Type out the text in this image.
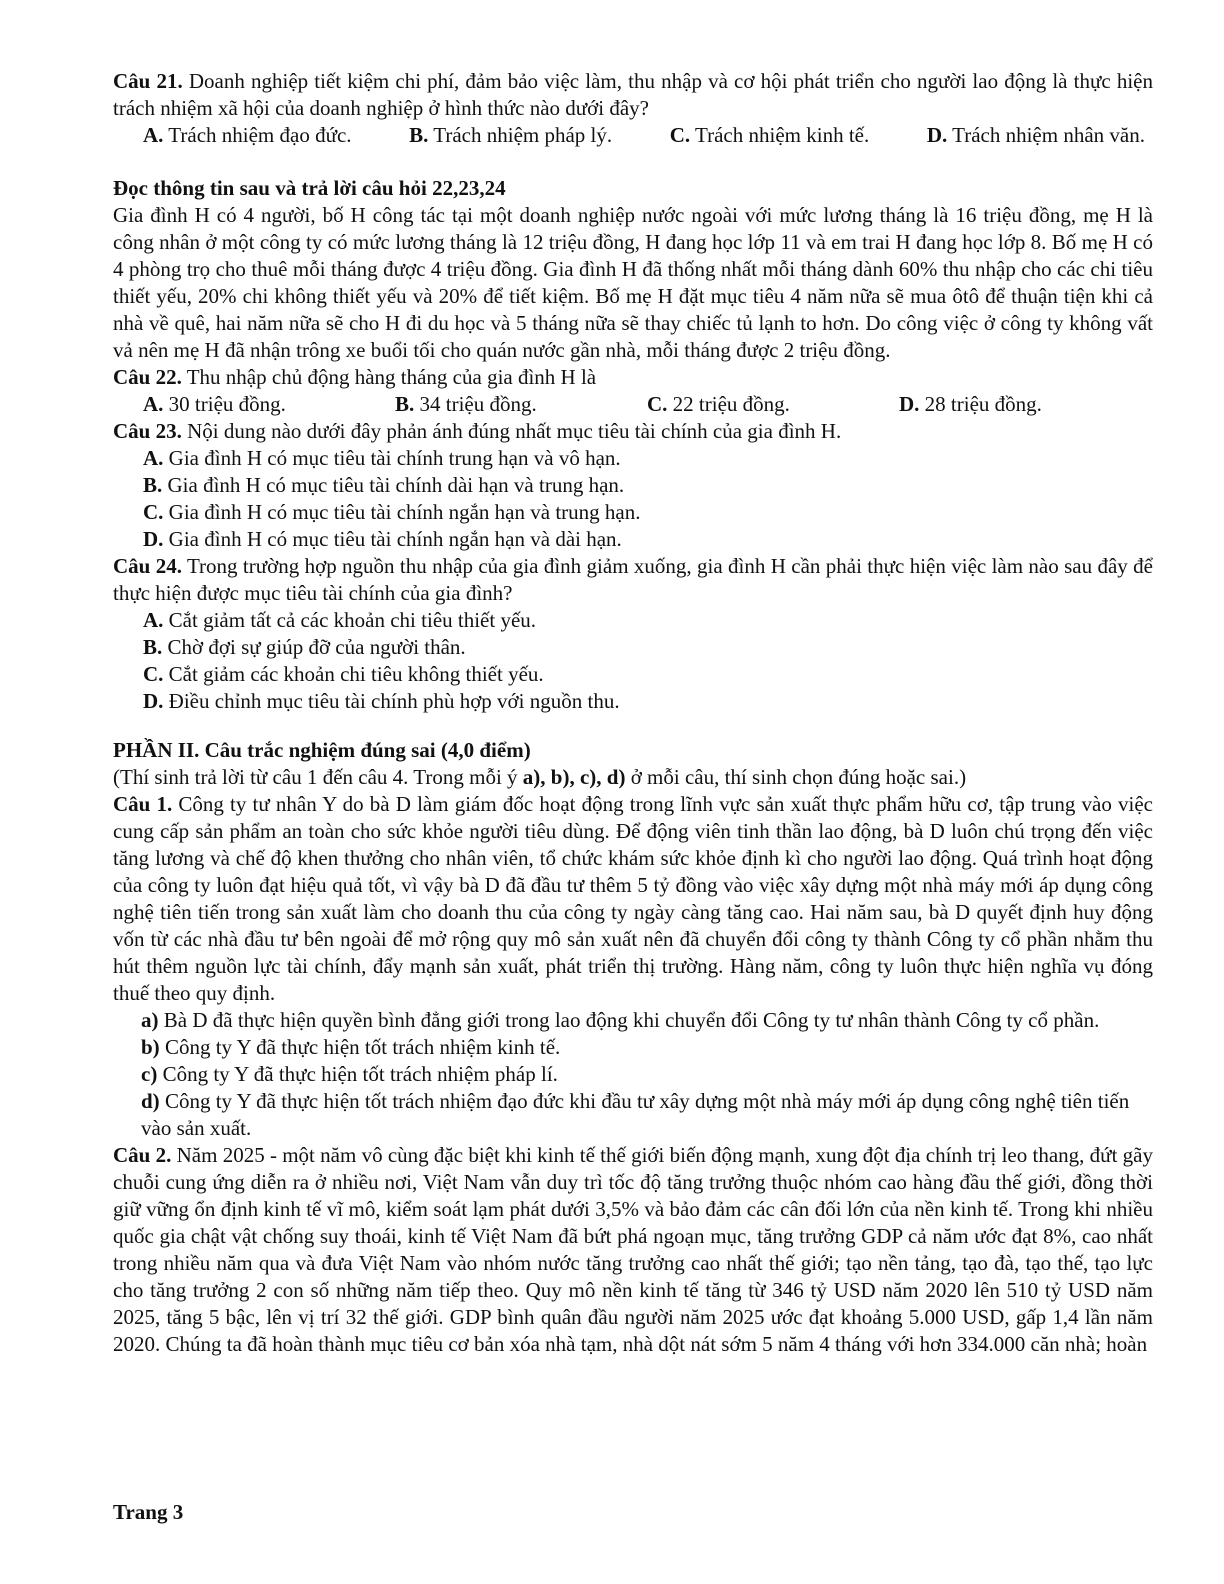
Câu 21. Doanh nghiệp tiết kiệm chi phí, đảm bảo việc làm, thu nhập và cơ hội phát triển cho người lao động là thực hiện trách nhiệm xã hội của doanh nghiệp ở hình thức nào dưới đây?

A. Trách nhiệm đạo đức.	B. Trách nhiệm pháp lý.	C. Trách nhiệm kinh tế.	D. Trách nhiệm nhân văn.

Đọc thông tin sau và trả lời câu hỏi 22,23,24

Gia đình H có 4 người, bố H công tác tại một doanh nghiệp nước ngoài với mức lương tháng là 16 triệu đồng, mẹ H là công nhân ở một công ty có mức lương tháng là 12 triệu đồng, H đang học lớp 11 và em trai H đang học lớp 8. Bố mẹ H có 4 phòng trọ cho thuê mỗi tháng được 4 triệu đồng. Gia đình H đã thống nhất mỗi tháng dành 60% thu nhập cho các chi tiêu thiết yếu, 20% chi không thiết yếu và 20% để tiết kiệm. Bố mẹ H đặt mục tiêu 4 năm nữa sẽ mua ôtô để thuận tiện khi cả nhà về quê, hai năm nữa sẽ cho H đi du học và 5 tháng nữa sẽ thay chiếc tủ lạnh to hơn. Do công việc ở công ty không vất vả nên mẹ H đã nhận trông xe buổi tối cho quán nước gần nhà, mỗi tháng được 2 triệu đồng.

Câu 22. Thu nhập chủ động hàng tháng của gia đình H là

A. 30 triệu đồng.	B. 34 triệu đồng.	C. 22 triệu đồng.	D. 28 triệu đồng.

Câu 23. Nội dung nào dưới đây phản ánh đúng nhất mục tiêu tài chính của gia đình H.

A. Gia đình H có mục tiêu tài chính trung hạn và vô hạn.

B. Gia đình H có mục tiêu tài chính dài hạn và trung hạn.

C. Gia đình H có mục tiêu tài chính ngắn hạn và trung hạn.

D. Gia đình H có mục tiêu tài chính ngắn hạn và dài hạn.

Câu 24. Trong trường hợp nguồn thu nhập của gia đình giảm xuống, gia đình H cần phải thực hiện việc làm nào sau đây để thực hiện được mục tiêu tài chính của gia đình?

A. Cắt giảm tất cả các khoản chi tiêu thiết yếu.

B. Chờ đợi sự giúp đỡ của người thân.

C. Cắt giảm các khoản chi tiêu không thiết yếu.

D. Điều chỉnh mục tiêu tài chính phù hợp với nguồn thu.

PHẦN II. Câu trắc nghiệm đúng sai (4,0 điểm)

(Thí sinh trả lời từ câu 1 đến câu 4. Trong mỗi ý a), b), c), d) ở mỗi câu, thí sinh chọn đúng hoặc sai.)

Câu 1. Công ty tư nhân Y do bà D làm giám đốc hoạt động trong lĩnh vực sản xuất thực phẩm hữu cơ, tập trung vào việc cung cấp sản phẩm an toàn cho sức khỏe người tiêu dùng. Để động viên tinh thần lao động, bà D luôn chú trọng đến việc tăng lương và chế độ khen thưởng cho nhân viên, tổ chức khám sức khỏe định kì cho người lao động. Quá trình hoạt động của công ty luôn đạt hiệu quả tốt, vì vậy bà D đã đầu tư thêm 5 tỷ đồng vào việc xây dựng một nhà máy mới áp dụng công nghệ tiên tiến trong sản xuất làm cho doanh thu của công ty ngày càng tăng cao. Hai năm sau, bà D quyết định huy động vốn từ các nhà đầu tư bên ngoài để mở rộng quy mô sản xuất nên đã chuyển đổi công ty thành Công ty cổ phần nhằm thu hút thêm nguồn lực tài chính, đẩy mạnh sản xuất, phát triển thị trường. Hàng năm, công ty luôn thực hiện nghĩa vụ đóng thuế theo quy định.

a) Bà D đã thực hiện quyền bình đẳng giới trong lao động khi chuyển đổi Công ty tư nhân thành Công ty cổ phần.

b) Công ty Y đã thực hiện tốt trách nhiệm kinh tế.

c) Công ty Y đã thực hiện tốt trách nhiệm pháp lí.

d) Công ty Y đã thực hiện tốt trách nhiệm đạo đức khi đầu tư xây dựng một nhà máy mới áp dụng công nghệ tiên tiến vào sản xuất.

Câu 2. Năm 2025 - một năm vô cùng đặc biệt khi kinh tế thế giới biến động mạnh, xung đột địa chính trị leo thang, đứt gãy chuỗi cung ứng diễn ra ở nhiều nơi, Việt Nam vẫn duy trì tốc độ tăng trưởng thuộc nhóm cao hàng đầu thế giới, đồng thời giữ vững ổn định kinh tế vĩ mô, kiểm soát lạm phát dưới 3,5% và bảo đảm các cân đối lớn của nền kinh tế. Trong khi nhiều quốc gia chật vật chống suy thoái, kinh tế Việt Nam đã bứt phá ngoạn mục, tăng trưởng GDP cả năm ước đạt 8%, cao nhất trong nhiều năm qua và đưa Việt Nam vào nhóm nước tăng trưởng cao nhất thế giới; tạo nền tảng, tạo đà, tạo thế, tạo lực cho tăng trưởng 2 con số những năm tiếp theo. Quy mô nền kinh tế tăng từ 346 tỷ USD năm 2020 lên 510 tỷ USD năm 2025, tăng 5 bậc, lên vị trí 32 thế giới. GDP bình quân đầu người năm 2025 ước đạt khoảng 5.000 USD, gấp 1,4 lần năm 2020. Chúng ta đã hoàn thành mục tiêu cơ bản xóa nhà tạm, nhà dột nát sớm 5 năm 4 tháng với hơn 334.000 căn nhà; hoàn

Trang 3
